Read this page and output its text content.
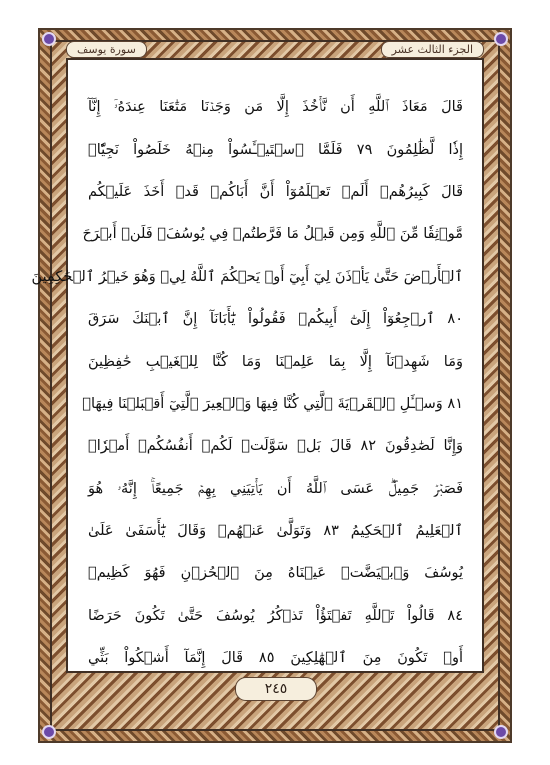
الجزء الثالث عشر
سورة يوسف
قَالَ مَعَاذَ ٱللَّهِ أَن نَّأۡخُذَ إِلَّا مَن وَجَدۡنَا مَتَٰعَنَا عِندَهُۥٓ إِنَّآ
إِذٗا لَّظَٰلِمُونَ ٧٩ فَلَمَّا ٱسۡتَيۡـَٔسُواْ مِنۡهُ خَلَصُواْ نَجِيّٗاۖ
قَالَ كَبِيرُهُمۡ أَلَمۡ تَعۡلَمُوٓاْ أَنَّ أَبَاكُمۡ قَدۡ أَخَذَ عَلَيۡكُم
مَّوۡثِقٗا مِّنَ ٱللَّهِ وَمِن قَبۡلُ مَا فَرَّطتُمۡ فِي يُوسُفَۖ فَلَنۡ أَبۡرَحَ
ٱلۡأَرۡضَ حَتَّىٰ يَأۡذَنَ لِيٓ أَبِيٓ أَوۡ يَحۡكُمَ ٱللَّهُ لِيۖ وَهُوَ خَيۡرُ ٱلۡحَٰكِمِينَ
٨٠ ٱرۡجِعُوٓاْ إِلَىٰٓ أَبِيكُمۡ فَقُولُواْ يَٰٓأَبَانَآ إِنَّ ٱبۡنَكَ سَرَقَ
وَمَا شَهِدۡنَآ إِلَّا بِمَا عَلِمۡنَا وَمَا كُنَّا لِلۡغَيۡبِ حَٰفِظِينَ
٨١ وَسۡـَٔلِ ٱلۡقَرۡيَةَ ٱلَّتِي كُنَّا فِيهَا وَٱلۡعِيرَ ٱلَّتِيٓ أَقۡبَلۡنَا فِيهَاۖ
وَإِنَّا لَصَٰدِقُونَ ٨٢ قَالَ بَلۡ سَوَّلَتۡ لَكُمۡ أَنفُسُكُمۡ أَمۡرٗاۖ
فَصَبۡرٞ جَمِيلٌۖ عَسَى ٱللَّهُ أَن يَأۡتِيَنِي بِهِمۡ جَمِيعًاۚ إِنَّهُۥ هُوَ
ٱلۡعَلِيمُ ٱلۡحَكِيمُ ٨٣ وَتَوَلَّىٰ عَنۡهُمۡ وَقَالَ يَٰٓأَسَفَىٰ عَلَىٰ
يُوسُفَ وَٱبۡيَضَّتۡ عَيۡنَاهُ مِنَ ٱلۡحُزۡنِ فَهُوَ كَظِيمٞ
٨٤ قَالُواْ تَٱللَّهِ تَفۡتَؤُاْ تَذۡكُرُ يُوسُفَ حَتَّىٰ تَكُونَ حَرَضًا
أَوۡ تَكُونَ مِنَ ٱلۡهَٰلِكِينَ ٨٥ قَالَ إِنَّمَآ أَشۡكُواْ بَثِّي
٢٤٥
